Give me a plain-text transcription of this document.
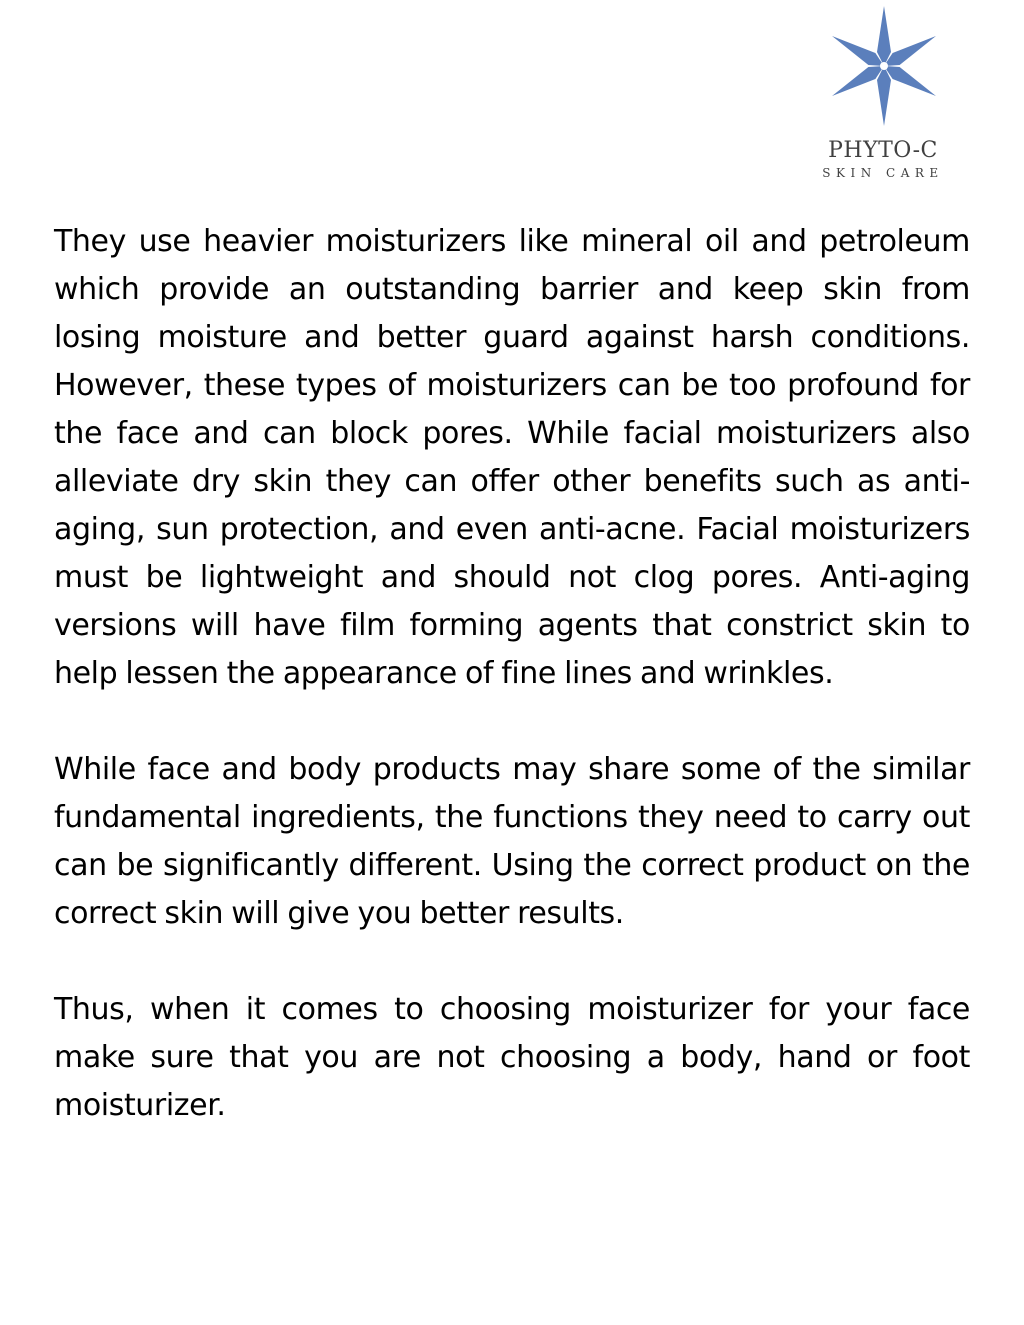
PHYTO-C
SKIN CARE

They use heavier moisturizers like mineral oil and petroleum which provide an outstanding barrier and keep skin from losing moisture and better guard against harsh conditions. However, these types of moisturizers can be too profound for the face and can block pores. While facial moisturizers also alleviate dry skin they can offer other benefits such as anti-aging, sun protection, and even anti-acne. Facial moisturizers must be lightweight and should not clog pores. Anti-aging versions will have film forming agents that constrict skin to help lessen the appearance of fine lines and wrinkles.

While face and body products may share some of the similar fundamental ingredients, the functions they need to carry out can be significantly different. Using the correct product on the correct skin will give you better results.

Thus, when it comes to choosing moisturizer for your face make sure that you are not choosing a body, hand or foot moisturizer.
